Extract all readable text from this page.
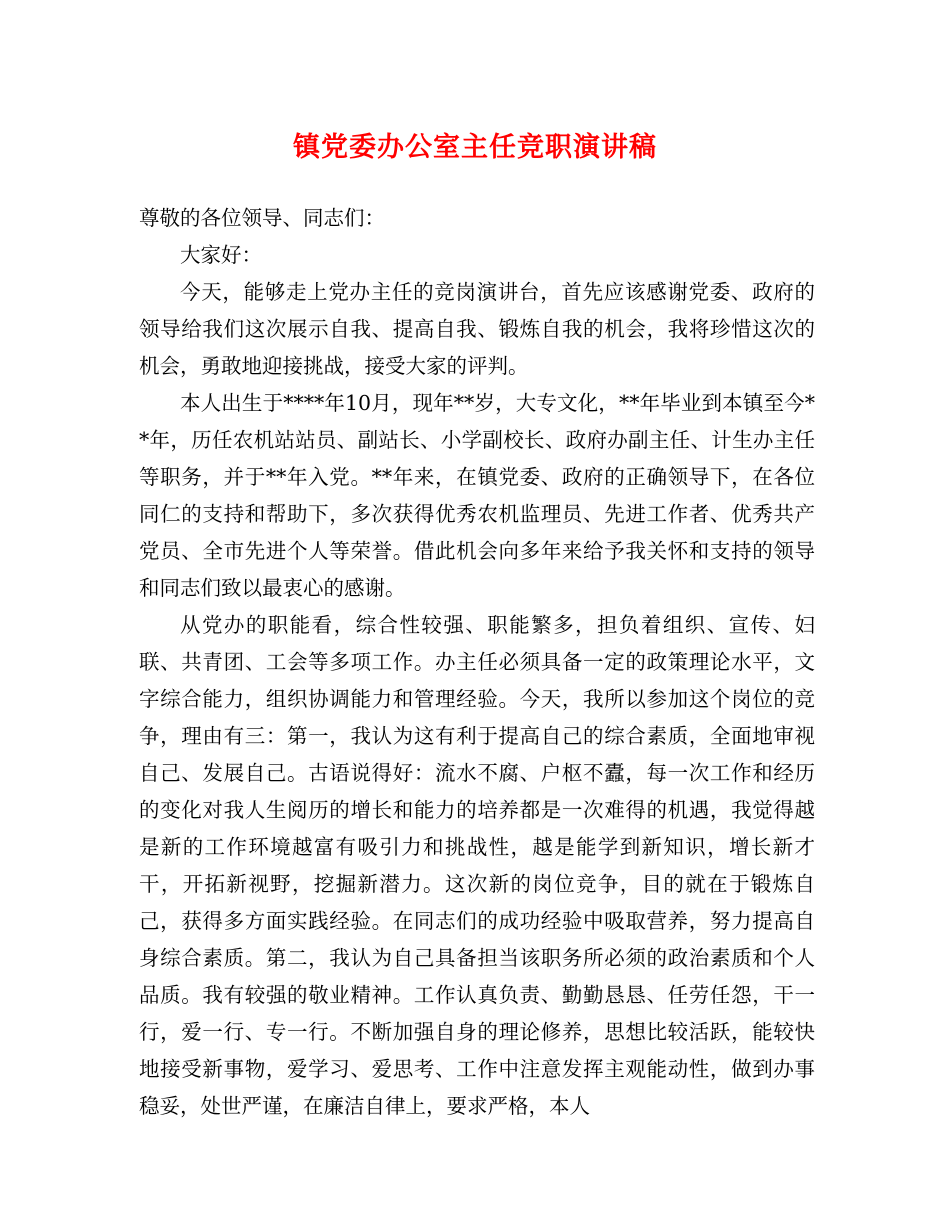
镇党委办公室主任竞职演讲稿

尊敬的各位领导、同志们：

大家好：

今天，能够走上党办主任的竞岗演讲台，首先应该感谢党委、政府的领导给我们这次展示自我、提高自我、锻炼自我的机会，我将珍惜这次的机会，勇敢地迎接挑战，接受大家的评判。

本人出生于****年10月，现年**岁，大专文化，**年毕业到本镇至今**年，历任农机站站员、副站长、小学副校长、政府办副主任、计生办主任等职务，并于**年入党。**年来，在镇党委、政府的正确领导下，在各位同仁的支持和帮助下，多次获得优秀农机监理员、先进工作者、优秀共产党员、全市先进个人等荣誉。借此机会向多年来给予我关怀和支持的领导和同志们致以最衷心的感谢。

从党办的职能看，综合性较强、职能繁多，担负着组织、宣传、妇联、共青团、工会等多项工作。办主任必须具备一定的政策理论水平，文字综合能力，组织协调能力和管理经验。今天，我所以参加这个岗位的竞争，理由有三：第一，我认为这有利于提高自己的综合素质，全面地审视自己、发展自己。古语说得好：流水不腐、户枢不蠹，每一次工作和经历的变化对我人生阅历的增长和能力的培养都是一次难得的机遇，我觉得越是新的工作环境越富有吸引力和挑战性，越是能学到新知识，增长新才干，开拓新视野，挖掘新潜力。这次新的岗位竞争，目的就在于锻炼自己，获得多方面实践经验。在同志们的成功经验中吸取营养，努力提高自身综合素质。第二，我认为自己具备担当该职务所必须的政治素质和个人品质。我有较强的敬业精神。工作认真负责、勤勤恳恳、任劳任怨，干一行，爱一行、专一行。不断加强自身的理论修养，思想比较活跃，能较快地接受新事物，爱学习、爱思考、工作中注意发挥主观能动性，做到办事稳妥，处世严谨，在廉洁自律上，要求严格，本人
